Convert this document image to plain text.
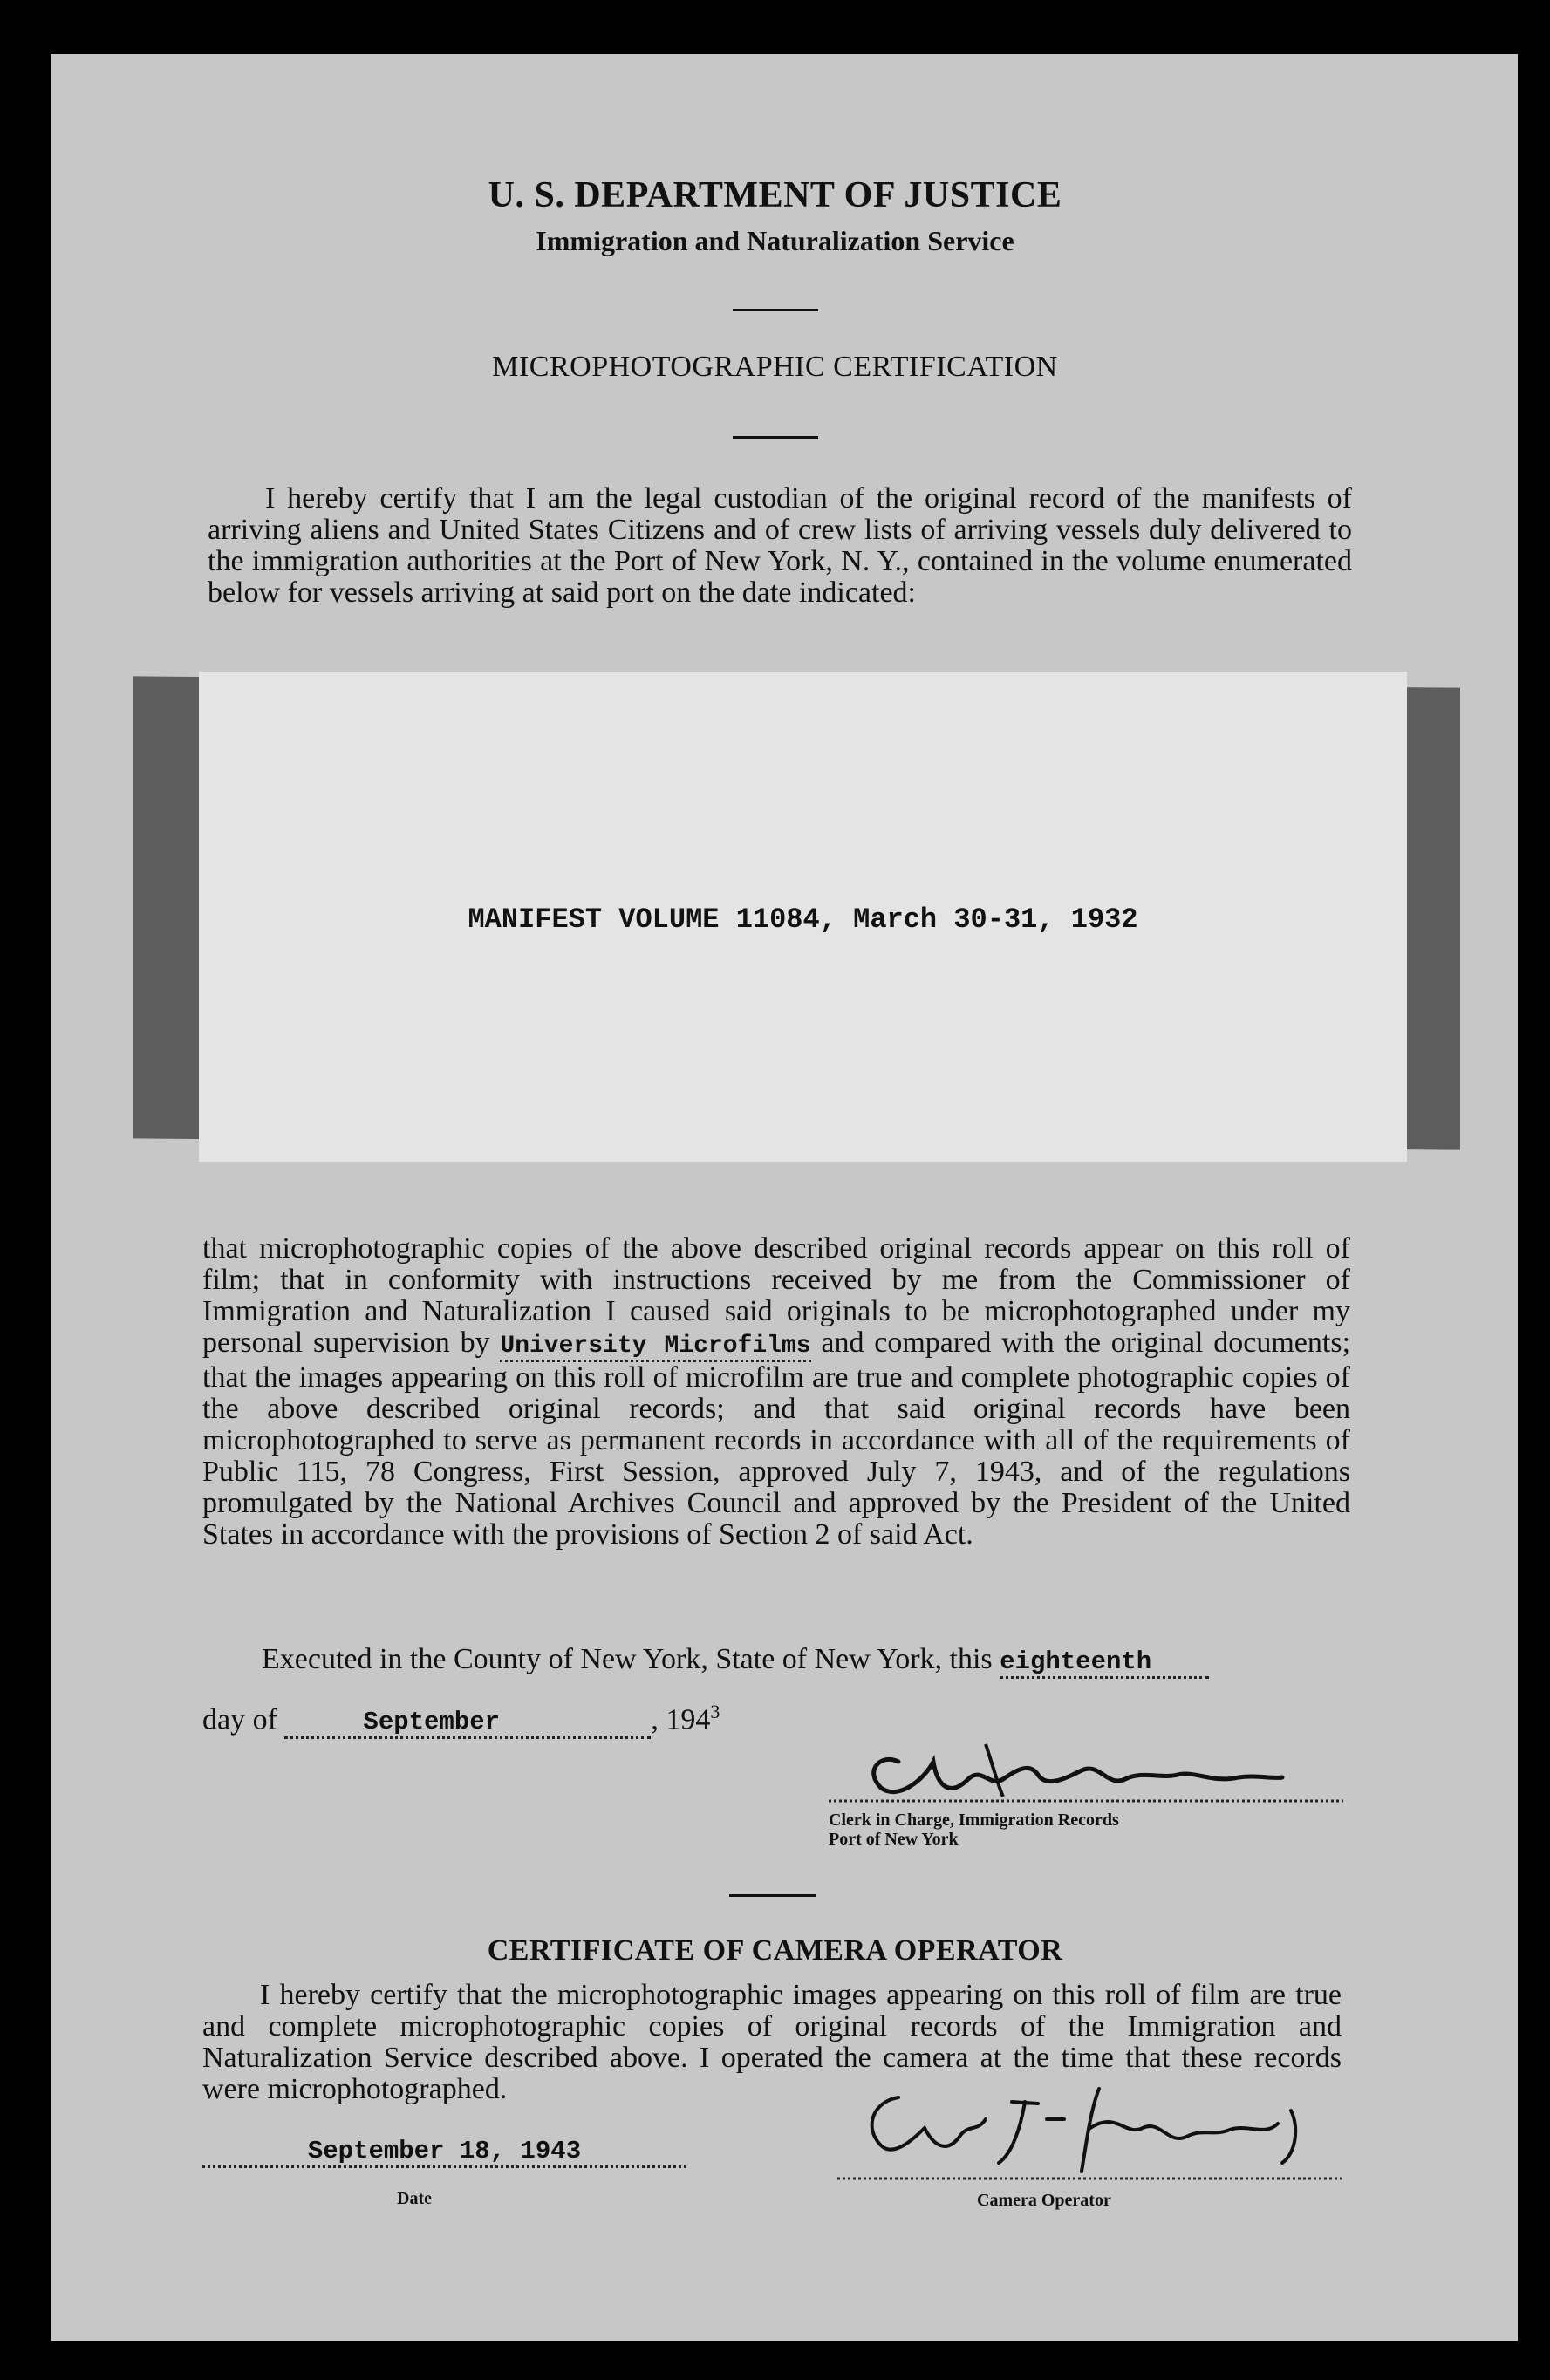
U. S. DEPARTMENT OF JUSTICE
Immigration and Naturalization Service
MICROPHOTOGRAPHIC CERTIFICATION
I hereby certify that I am the legal custodian of the original record of the manifests of arriving aliens and United States Citizens and of crew lists of arriving vessels duly delivered to the immigration authorities at the Port of New York, N. Y., contained in the volume enumerated below for vessels arriving at said port on the date indicated:
MANIFEST VOLUME 11084, March 30-31, 1932
that microphotographic copies of the above described original records appear on this roll of film; that in conformity with instructions received by me from the Commissioner of Immigration and Naturalization I caused said originals to be microphotographed under my personal supervision by University Microfilms and compared with the original documents; that the images appearing on this roll of microfilm are true and complete photographic copies of the above described original records; and that said original records have been microphotographed to serve as permanent records in accordance with all of the requirements of Public 115, 78 Congress, First Session, approved July 7, 1943, and of the regulations promulgated by the National Archives Council and approved by the President of the United States in accordance with the provisions of Section 2 of said Act.
Executed in the County of New York, State of New York, this eighteenth
day of	September	, $194^3$
Clerk in Charge, Immigration Records
Port of New York
CERTIFICATE OF CAMERA OPERATOR
I hereby certify that the microphotographic images appearing on this roll of film are true and complete microphotographic copies of original records of the Immigration and Naturalization Service described above. I operated the camera at the time that these records were microphotographed.
September 18, 1943
Date	Camera Operator
